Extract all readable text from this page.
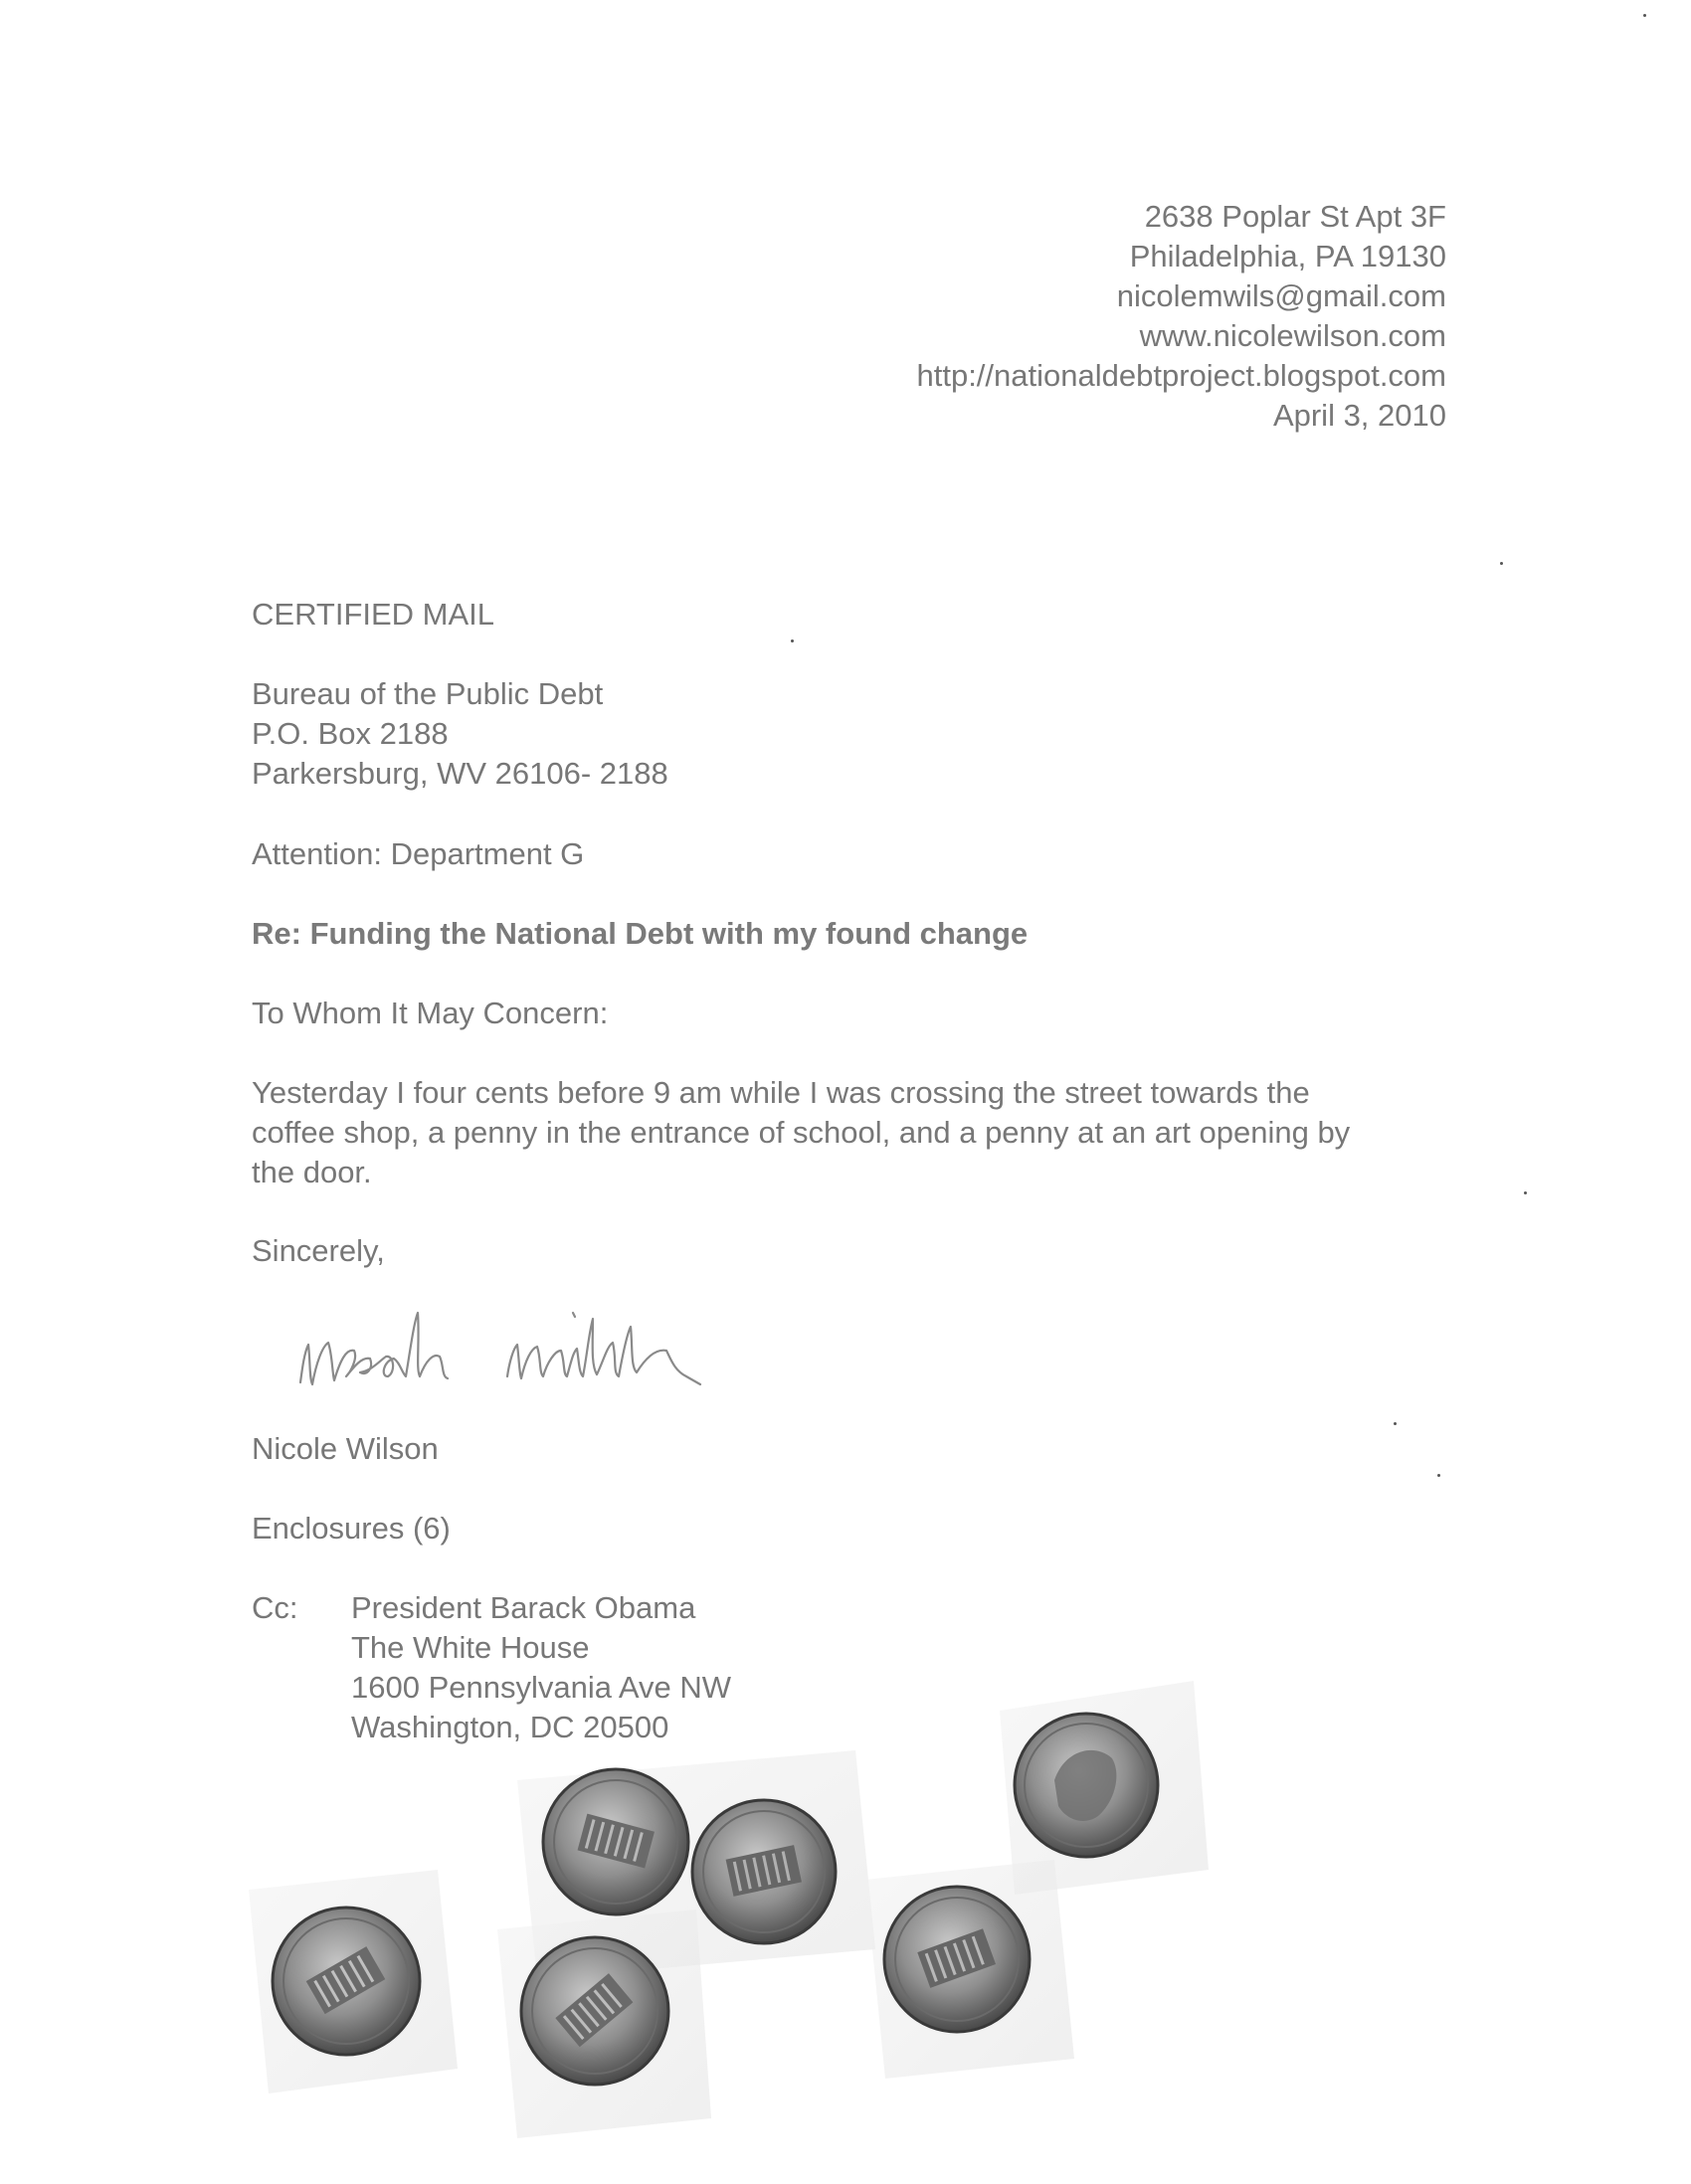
2638 Poplar St Apt 3F
Philadelphia, PA 19130
nicolemwils@gmail.com
www.nicolewilson.com
http://nationaldebtproject.blogspot.com
April 3, 2010
CERTIFIED MAIL
Bureau of the Public Debt
P.O. Box 2188
Parkersburg, WV 26106- 2188
Attention: Department G
Re: Funding the National Debt with my found change
To Whom It May Concern:
Yesterday I four cents before 9 am while I was crossing the street towards the
coffee shop, a penny in the entrance of school, and a penny at an art opening by
the door.
Sincerely,
Nicole Wilson
Enclosures (6)
Cc: President Barack Obama
The White House
1600 Pennsylvania Ave NW
Washington, DC 20500
